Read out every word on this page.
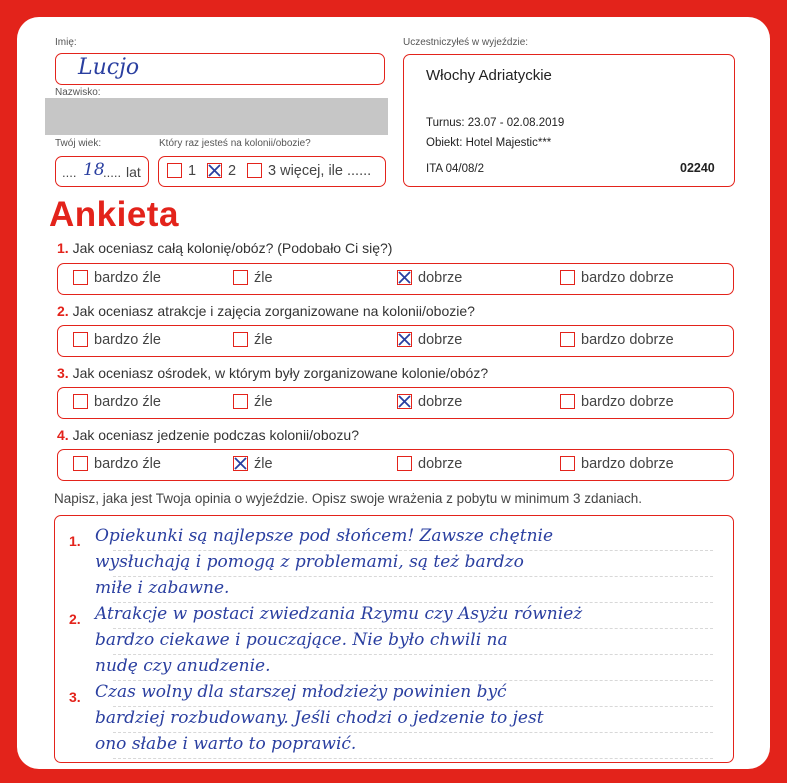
Imię:
Lucjo
Nazwisko:
Twój wiek:	Który raz jesteś na kolonii/obozie?
.... 18
..... lat	1	2	3 więcej, ile ......
Uczestniczyłeś w wyjeździe:
Włochy Adriatyckie
Turnus: 23.07 - 02.08.2019
Obiekt: Hotel Majestic***
ITA 04/08/2	02240
Ankieta
1. Jak oceniasz całą kolonię/obóz? (Podobało Ci się?)
bardzo źle	źle	dobrze	bardzo dobrze
2. Jak oceniasz atrakcje i zajęcia zorganizowane na kolonii/obozie?
bardzo źle	źle	dobrze	bardzo dobrze
3. Jak oceniasz ośrodek, w którym były zorganizowane kolonie/obóz?
bardzo źle	źle	dobrze	bardzo dobrze
4. Jak oceniasz jedzenie podczas kolonii/obozu?
bardzo źle	źle	dobrze	bardzo dobrze
Napisz, jaka jest Twoja opinia o wyjeździe. Opisz swoje wrażenia z pobytu w minimum 3 zdaniach.
1.
2.
3.
Opiekunki są najlepsze pod słońcem! Zawsze chętnie
wysłuchają i pomogą z problemami, są też bardzo
miłe i zabawne.
Atrakcje w postaci zwiedzania Rzymu czy Asyżu również
bardzo ciekawe i pouczające. Nie było chwili na
nudę czy anudzenie.
Czas wolny dla starszej młodzieży powinien być
bardziej rozbudowany. Jeśli chodzi o jedzenie to jest
ono słabe i warto to poprawić.
